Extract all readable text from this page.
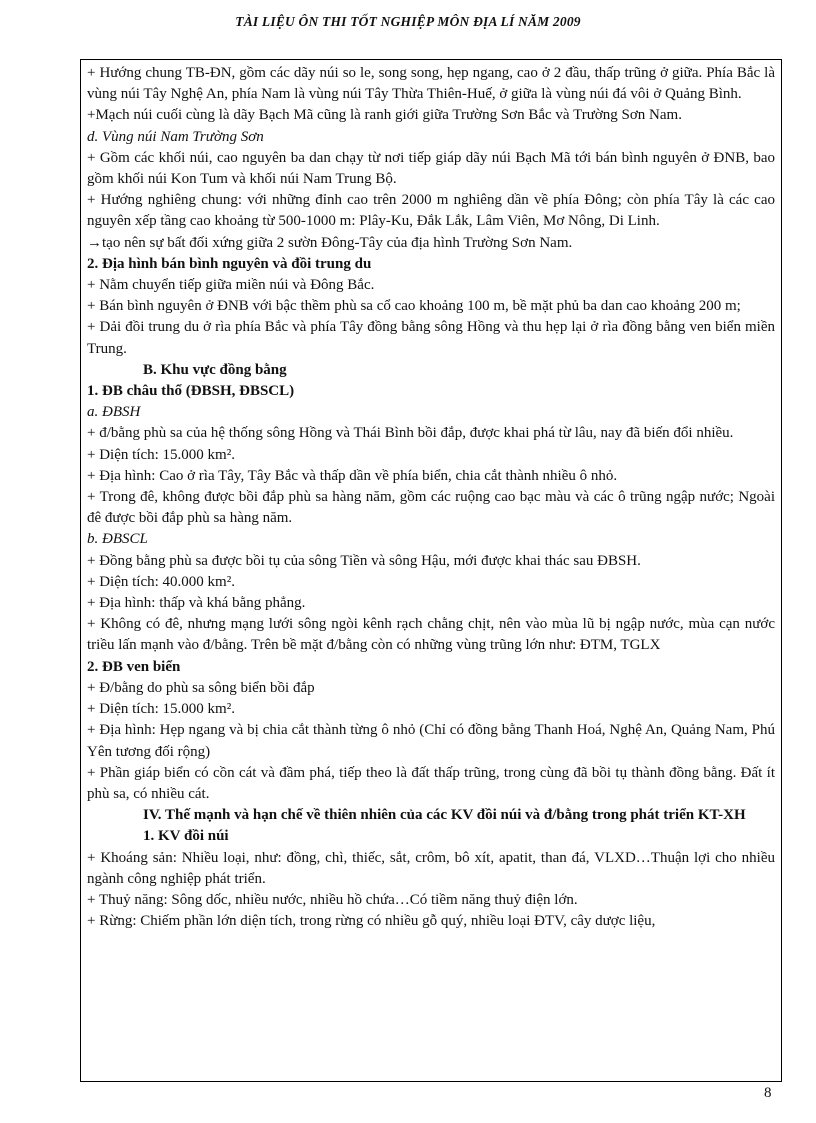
TÀI LIỆU ÔN THI TỐT NGHIỆP MÔN ĐỊA LÍ NĂM 2009

+ Hướng chung TB-ĐN, gồm các dãy núi so le, song song, hẹp ngang, cao ở 2 đầu, thấp trũng ở giữa. Phía Bắc là vùng núi Tây Nghệ An, phía Nam là vùng núi Tây Thừa Thiên-Huế, ở giữa là vùng núi đá vôi ở Quảng Bình.

+Mạch núi cuối cùng là dãy Bạch Mã cũng là ranh giới giữa Trường Sơn Bắc và Trường Sơn Nam.

d. Vùng núi Nam Trường Sơn

+ Gồm các khối núi, cao nguyên ba dan chạy từ nơi tiếp giáp dãy núi Bạch Mã tới bán bình nguyên ở ĐNB, bao gồm khối núi Kon Tum và khối núi Nam Trung Bộ.

+ Hướng nghiêng chung: với những đỉnh cao trên 2000 m nghiêng dần về phía Đông; còn phía Tây là các cao nguyên xếp tầng cao khoảng từ 500-1000 m: Plây-Ku, Đắk Lắk, Lâm Viên, Mơ Nông, Di Linh.

→tạo nên sự bất đối xứng giữa 2 sườn Đông-Tây của địa hình Trường Sơn Nam.

2. Địa hình bán bình nguyên và đồi trung du

+ Nằm chuyển tiếp giữa miền núi và Đông Bắc.

+ Bán bình nguyên ở ĐNB với bậc thềm phù sa cổ cao khoảng 100 m, bề mặt phủ ba dan cao khoảng 200 m;

+ Dải đồi trung du ở rìa phía Bắc và phía Tây đồng bằng sông Hồng và thu hẹp lại ở rìa đồng bằng ven biển miền Trung.

B. Khu vực đồng bằng

1. ĐB châu thổ (ĐBSH, ĐBSCL)

a. ĐBSH

+ đ/bằng phù sa của hệ thống sông Hồng và Thái Bình bồi đắp, được khai phá từ lâu, nay đã biến đổi nhiều.

+ Diện tích: 15.000 km².

+ Địa hình: Cao ở rìa Tây, Tây Bắc và thấp dần về phía biển, chia cắt thành nhiều ô nhỏ.

+ Trong đê, không được bồi đắp phù sa hàng năm, gồm các ruộng cao bạc màu và các ô trũng ngập nước; Ngoài đê được bồi đắp phù sa hàng năm.

b. ĐBSCL

+ Đồng bằng phù sa được bồi tụ của sông Tiền và sông Hậu, mới được khai thác sau ĐBSH.

+ Diện tích: 40.000 km².

+ Địa hình: thấp và khá bằng phẳng.

+ Không có đê, nhưng mạng lưới sông ngòi kênh rạch chằng chịt, nên vào mùa lũ bị ngập nước, mùa cạn nước triều lấn mạnh vào đ/bằng. Trên bề mặt đ/bằng còn có những vùng trũng lớn như: ĐTM, TGLX

2. ĐB ven biển

+ Đ/bằng do phù sa sông biển bồi đắp

+ Diện tích: 15.000 km².

+ Địa hình: Hẹp ngang và bị chia cắt thành từng ô nhỏ (Chỉ có đồng bằng Thanh Hoá, Nghệ An, Quảng Nam, Phú Yên tương đối rộng)

+ Phần giáp biển có cồn cát và đầm phá, tiếp theo là đất thấp trũng, trong cùng đã bồi tụ thành đồng bằng. Đất ít phù sa, có nhiều cát.

IV. Thế mạnh và hạn chế về thiên nhiên của các KV đồi núi và đ/bằng trong phát triển KT-XH

1. KV đồi núi

+ Khoáng sản: Nhiều loại, như: đồng, chì, thiếc, sắt, crôm, bô xít, apatit, than đá, VLXD…Thuận lợi cho nhiều ngành công nghiệp phát triển.

+ Thuỷ năng: Sông dốc, nhiều nước, nhiều hồ chứa…Có tiềm năng thuỷ điện lớn.

+ Rừng: Chiếm phần lớn diện tích, trong rừng có nhiều gỗ quý, nhiều loại ĐTV, cây dược liệu,

8
